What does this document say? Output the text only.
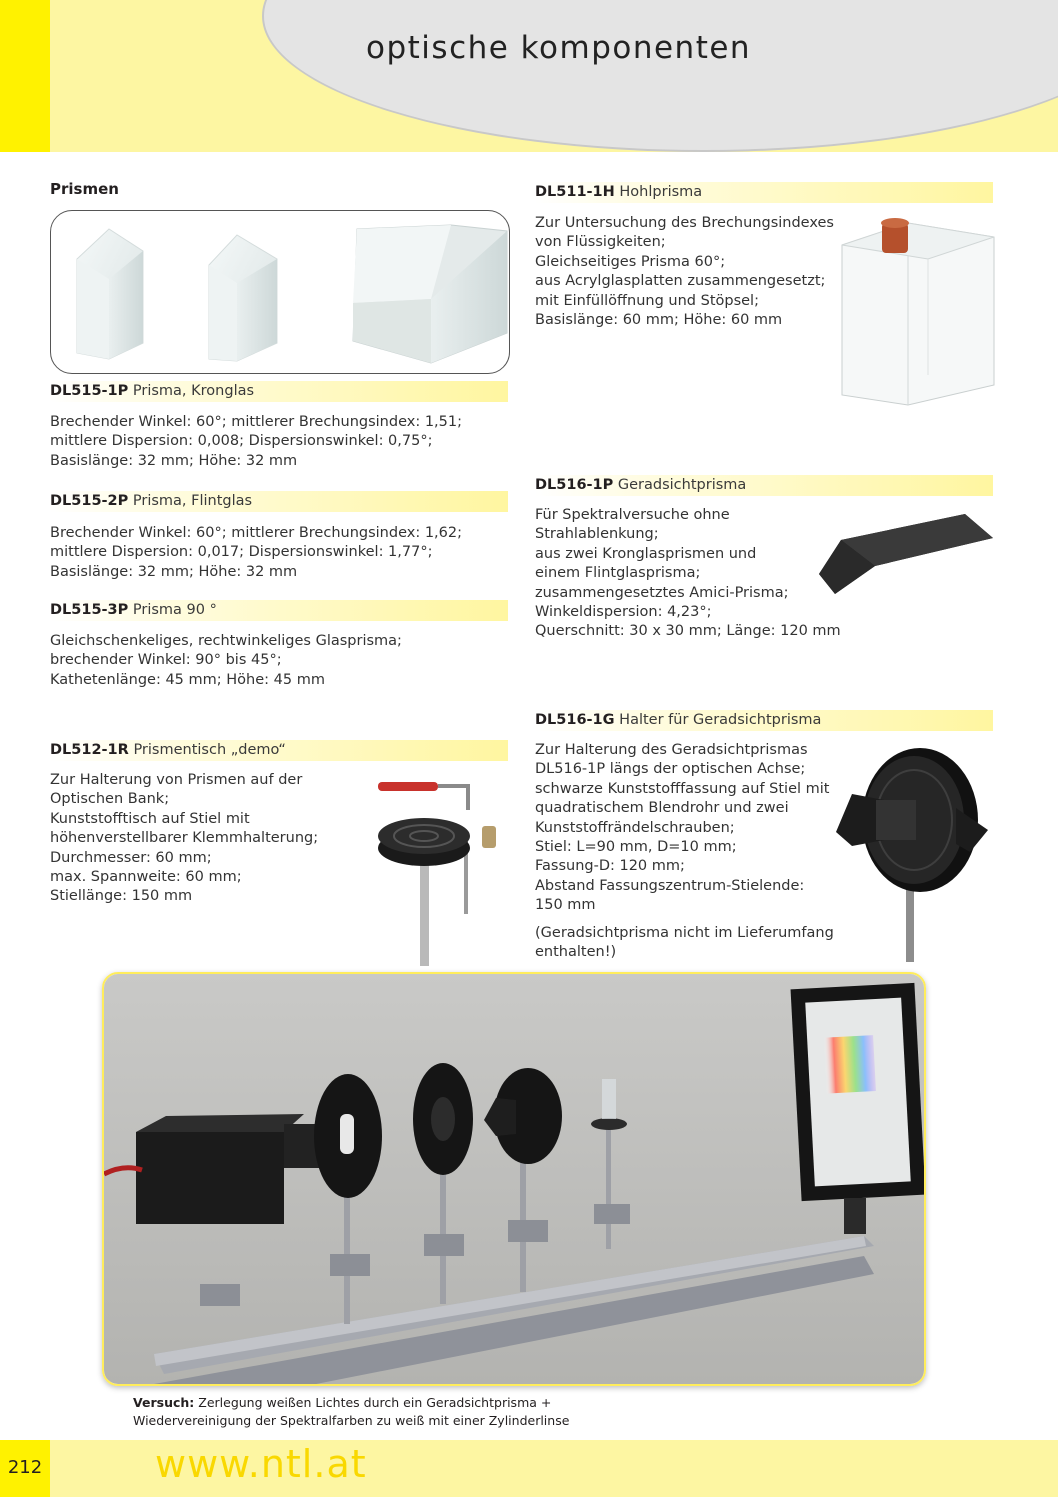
optische komponenten
Prismen
DL515-1P Prisma, Kronglas
Brechender Winkel: 60°; mittlerer Brechungsindex: 1,51;
mittlere Dispersion: 0,008; Dispersionswinkel: 0,75°;
Basislänge: 32 mm; Höhe: 32 mm
DL515-2P Prisma, Flintglas
Brechender Winkel: 60°; mittlerer Brechungsindex: 1,62;
mittlere Dispersion: 0,017; Dispersionswinkel: 1,77°;
Basislänge: 32 mm; Höhe: 32 mm
DL515-3P Prisma 90 °
Gleichschenkeliges, rechtwinkeliges Glasprisma;
brechender Winkel: 90° bis 45°;
Kathetenlänge: 45 mm; Höhe: 45 mm
DL512-1R Prismentisch „demo“
Zur Halterung von Prismen auf der
Optischen Bank;
Kunststofftisch auf Stiel mit
höhenverstellbarer Klemmhalterung;
Durchmesser: 60 mm;
max. Spannweite: 60 mm;
Stiellänge: 150 mm
DL511-1H Hohlprisma
Zur Untersuchung des Brechungsindexes
von Flüssigkeiten;
Gleichseitiges Prisma 60°;
aus Acrylglasplatten zusammengesetzt;
mit Einfüllöffnung und Stöpsel;
Basislänge: 60 mm; Höhe: 60 mm
DL516-1P Geradsichtprisma
Für Spektralversuche ohne
Strahlablenkung;
aus zwei Kronglasprismen und
einem Flintglasprisma;
zusammengesetztes Amici-Prisma;
Winkeldispersion: 4,23°;
Querschnitt: 30 x 30 mm; Länge: 120 mm
DL516-1G Halter für Geradsichtprisma
Zur Halterung des Geradsichtprismas
DL516-1P längs der optischen Achse;
schwarze Kunststofffassung auf Stiel mit
quadratischem Blendrohr und zwei
Kunststoffrändelschrauben;
Stiel: L=90 mm, D=10 mm;
Fassung-D: 120 mm;
Abstand Fassungszentrum-Stielende:
150 mm
(Geradsichtprisma nicht im Lieferumfang
enthalten!)
Versuch: Zerlegung weißen Lichtes durch ein Geradsichtprisma +
Wiedervereinigung der Spektralfarben zu weiß mit einer Zylinderlinse
212	www.ntl.at
